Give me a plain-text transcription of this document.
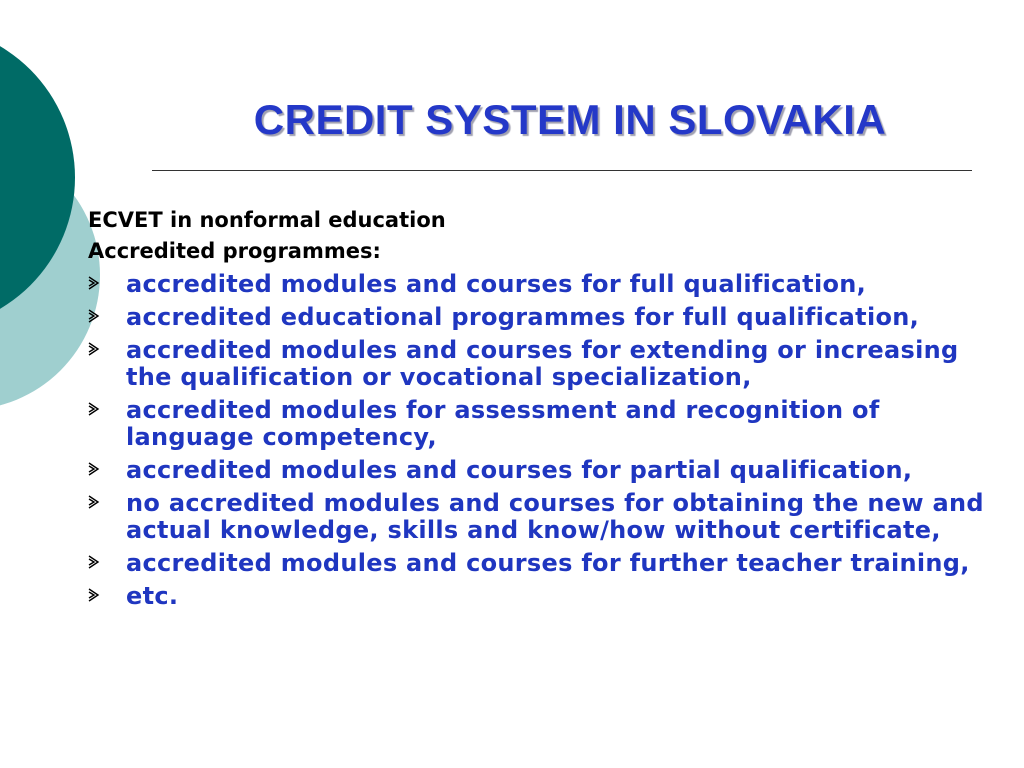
CREDIT SYSTEM IN SLOVAKIA

ECVET in nonformal education

Accredited programmes:

accredited modules and courses for full qualification,
accredited educational programmes for full qualification,
accredited modules and courses for extending or increasing the qualification or vocational specialization,
accredited modules for assessment and recognition of language competency,
accredited modules and courses for partial qualification,
no accredited modules and courses for obtaining the new and actual knowledge, skills and know/how without certificate,
accredited modules and courses for further teacher training,
etc.
